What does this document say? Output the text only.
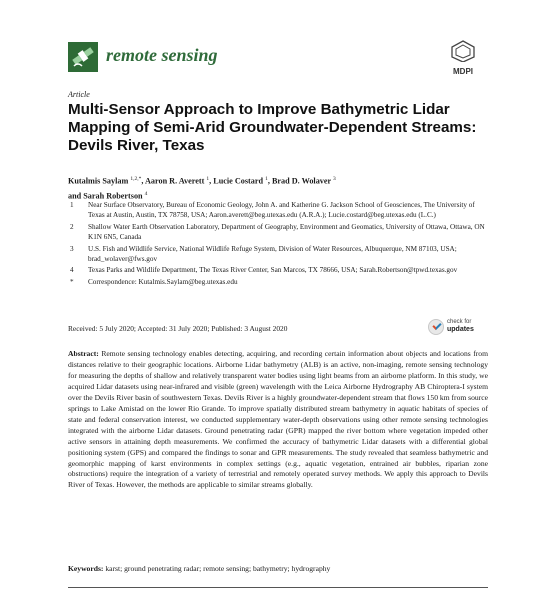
remote sensing
MDPI
Article
Multi-Sensor Approach to Improve Bathymetric Lidar Mapping of Semi-Arid Groundwater-Dependent Streams: Devils River, Texas
Kutalmis Saylam $^{1,2,*}$, Aaron R. Averett $^1$, Lucie Costard $^1$, Brad D. Wolaver $^3$
and Sarah Robertson $^4$
1 Near Surface Observatory, Bureau of Economic Geology, John A. and Katherine G. Jackson School of Geosciences, The University of Texas at Austin, Austin, TX 78758, USA; Aaron.averett@beg.utexas.edu (A.R.A.); Lucie.costard@beg.utexas.edu (L.C.)
2 Shallow Water Earth Observation Laboratory, Department of Geography, Environment and Geomatics, University of Ottawa, Ottawa, ON K1N 6N5, Canada
3 U.S. Fish and Wildlife Service, National Wildlife Refuge System, Division of Water Resources, Albuquerque, NM 87103, USA; brad_wolaver@fws.gov
4 Texas Parks and Wildlife Department, The Texas River Center, San Marcos, TX 78666, USA; Sarah.Robertson@tpwd.texas.gov
* Correspondence: Kutalmis.Saylam@beg.utexas.edu
Received: 5 July 2020; Accepted: 31 July 2020; Published: 3 August 2020
check for
updates
Abstract: Remote sensing technology enables detecting, acquiring, and recording certain information about objects and locations from distances relative to their geographic locations. Airborne Lidar bathymetry (ALB) is an active, non-imaging, remote sensing technology for measuring the depths of shallow and relatively transparent water bodies using light beams from an airborne platform. In this study, we acquired Lidar datasets using near-infrared and visible (green) wavelength with the Leica Airborne Hydrography AB Chiroptera-I system over the Devils River basin of southwestern Texas. Devils River is a highly groundwater-dependent stream that flows 150 km from source springs to Lake Amistad on the lower Rio Grande. To improve spatially distributed stream bathymetry in aquatic habitats of species of state and federal conservation interest, we conducted supplementary water-depth observations using other remote sensing technologies integrated with the airborne Lidar datasets. Ground penetrating radar (GPR) mapped the river bottom where vegetation impeded other active sensors in attaining depth measurements. We confirmed the accuracy of bathymetric Lidar datasets with a differential global positioning system (GPS) and compared the findings to sonar and GPR measurements. The study revealed that seamless bathymetric and geomorphic mapping of karst environments in complex settings (e.g., aquatic vegetation, entrained air bubbles, riparian zone obstructions) require the integration of a variety of terrestrial and remotely operated survey methods. We apply this approach to Devils River of Texas. However, the methods are applicable to similar streams globally.
Keywords: karst; ground penetrating radar; remote sensing; bathymetry; hydrography
